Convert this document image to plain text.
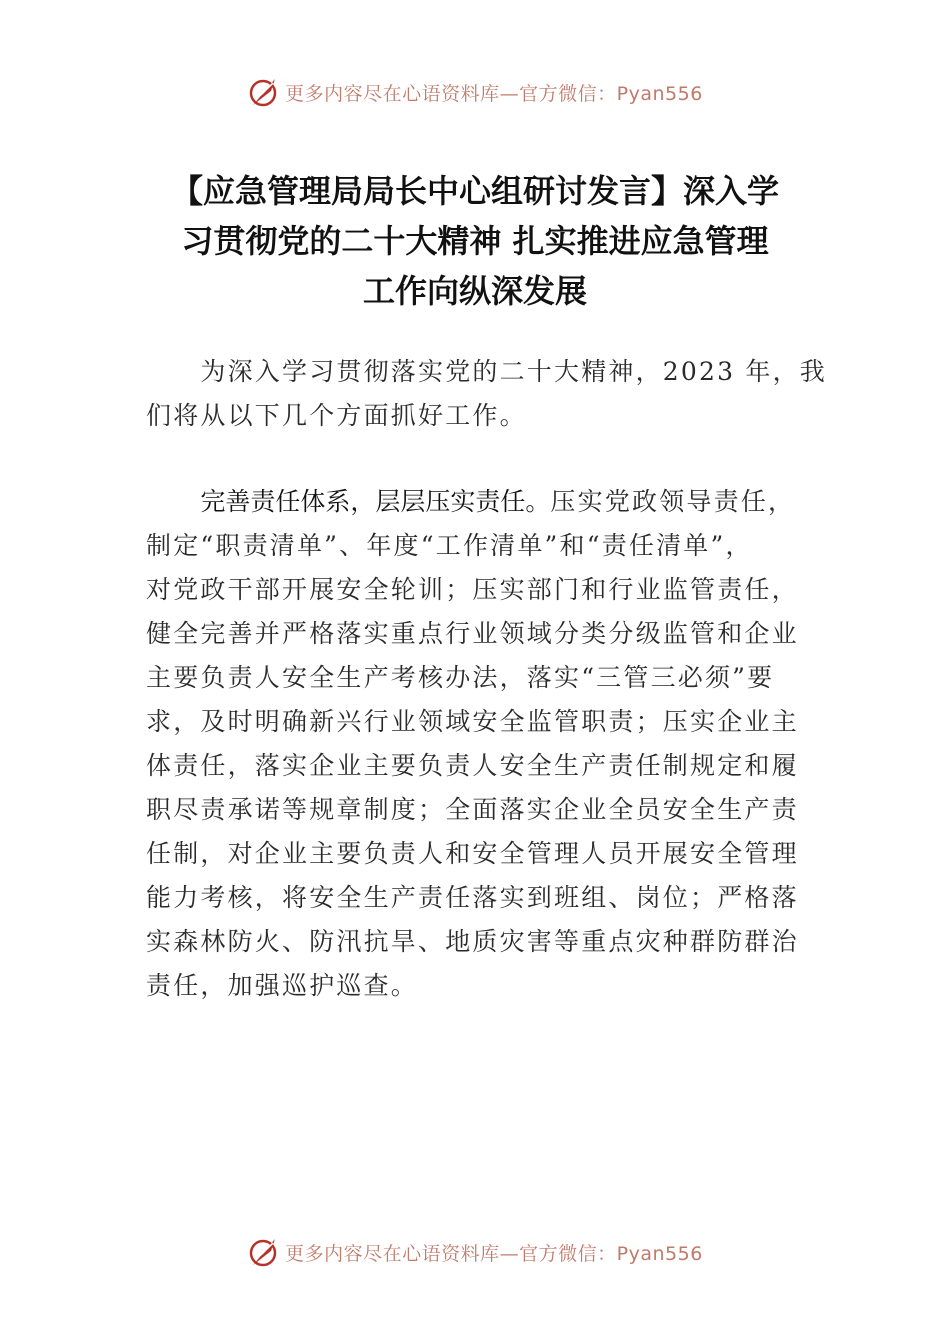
更多内容尽在心语资料库—官方微信：Pyan556
【应急管理局局长中心组研讨发言】深入学
习贯彻党的二十大精神 扎实推进应急管理
工作向纵深发展
　　为深入学习贯彻落实党的二十大精神，2023 年，我
们将从以下几个方面抓好工作。
　　完善责任体系，层层压实责任。压实党政领导责任，
制定“职责清单”、年度“工作清单”和“责任清单”，
对党政干部开展安全轮训；压实部门和行业监管责任，
健全完善并严格落实重点行业领域分类分级监管和企业
主要负责人安全生产考核办法，落实“三管三必须”要
求，及时明确新兴行业领域安全监管职责；压实企业主
体责任，落实企业主要负责人安全生产责任制规定和履
职尽责承诺等规章制度；全面落实企业全员安全生产责
任制，对企业主要负责人和安全管理人员开展安全管理
能力考核，将安全生产责任落实到班组、岗位；严格落
实森林防火、防汛抗旱、地质灾害等重点灾种群防群治
责任，加强巡护巡查。
更多内容尽在心语资料库—官方微信：Pyan556
